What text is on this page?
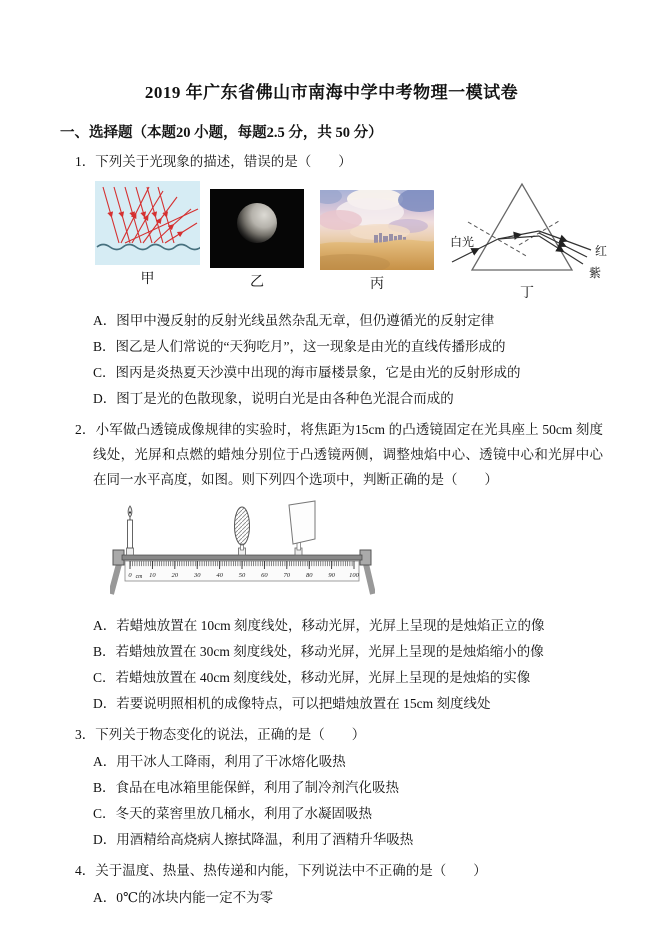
2019 年广东省佛山市南海中学中考物理一模试卷
一、选择题（本题20 小题，每题2.5 分，共 50 分）

1．下列关于光现象的描述，错误的是（　　）

甲	乙	丙
白光
红
紫
丁
A．图甲中漫反射的反射光线虽然杂乱无章，但仍遵循光的反射定律
B．图乙是人们常说的“天狗吃月”，这一现象是由光的直线传播形成的
C．图丙是炎热夏天沙漠中出现的海市蜃楼景象，它是由光的反射形成的
D．图丁是光的色散现象，说明白光是由各种色光混合而成的

2．小军做凸透镜成像规律的实验时，将焦距为15cm 的凸透镜固定在光具座上 50cm 刻度线处，光屏和点燃的蜡烛分别位于凸透镜两侧，调整烛焰中心、透镜中心和光屏中心在同一水平高度，如图。则下列四个选项中，判断正确的是（　　）

0 cm 10 20 30 40 50 60 70 80 90 100
A．若蜡烛放置在 10cm 刻度线处，移动光屏，光屏上呈现的是烛焰正立的像
B．若蜡烛放置在 30cm 刻度线处，移动光屏，光屏上呈现的是烛焰缩小的像
C．若蜡烛放置在 40cm 刻度线处，移动光屏，光屏上呈现的是烛焰的实像
D．若要说明照相机的成像特点，可以把蜡烛放置在 15cm 刻度线处

3．下列关于物态变化的说法，正确的是（　　）

A．用干冰人工降雨，利用了干冰熔化吸热
B．食品在电冰箱里能保鲜，利用了制冷剂汽化吸热
C．冬天的菜窖里放几桶水，利用了水凝固吸热
D．用酒精给高烧病人擦拭降温，利用了酒精升华吸热

4．关于温度、热量、热传递和内能，下列说法中不正确的是（　　）

A．0℃的冰块内能一定不为零
